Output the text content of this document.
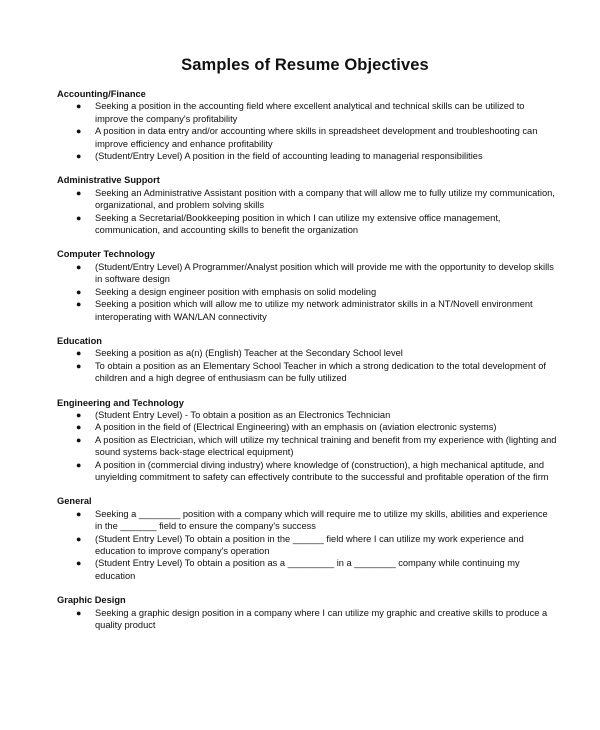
Samples of Resume Objectives
Accounting/Finance
● Seeking a position in the accounting field where excellent analytical and technical skills can be utilized to improve the company's profitability
● A position in data entry and/or accounting where skills in spreadsheet development and troubleshooting can improve efficiency and enhance profitability
● (Student/Entry Level) A position in the field of accounting leading to managerial responsibilities
Administrative Support
● Seeking an Administrative Assistant position with a company that will allow me to fully utilize my communication, organizational, and problem solving skills
● Seeking a Secretarial/Bookkeeping position in which I can utilize my extensive office management, communication, and accounting skills to benefit the organization
Computer Technology
● (Student/Entry Level) A Programmer/Analyst position which will provide me with the opportunity to develop skills in software design
● Seeking a design engineer position with emphasis on solid modeling
● Seeking a position which will allow me to utilize my network administrator skills in a NT/Novell environment interoperating with WAN/LAN connectivity
Education
● Seeking a position as a(n) (English) Teacher at the Secondary School level
● To obtain a position as an Elementary School Teacher in which a strong dedication to the total development of children and a high degree of enthusiasm can be fully utilized
Engineering and Technology
● (Student Entry Level) - To obtain a position as an Electronics Technician
● A position in the field of (Electrical Engineering) with an emphasis on (aviation electronic systems)
● A position as Electrician, which will utilize my technical training and benefit from my experience with (lighting and sound systems back-stage electrical equipment)
● A position in (commercial diving industry) where knowledge of (construction), a high mechanical aptitude, and unyielding commitment to safety can effectively contribute to the successful and profitable operation of the firm
General
● Seeking a ________ position with a company which will require me to utilize my skills, abilities and experience in the _______ field to ensure the company's success
● (Student Entry Level) To obtain a position in the ______ field where I can utilize my work experience and education to improve company's operation
● (Student Entry Level) To obtain a position as a _________ in a ________ company while continuing my education
Graphic Design
● Seeking a graphic design position in a company where I can utilize my graphic and creative skills to produce a quality product
